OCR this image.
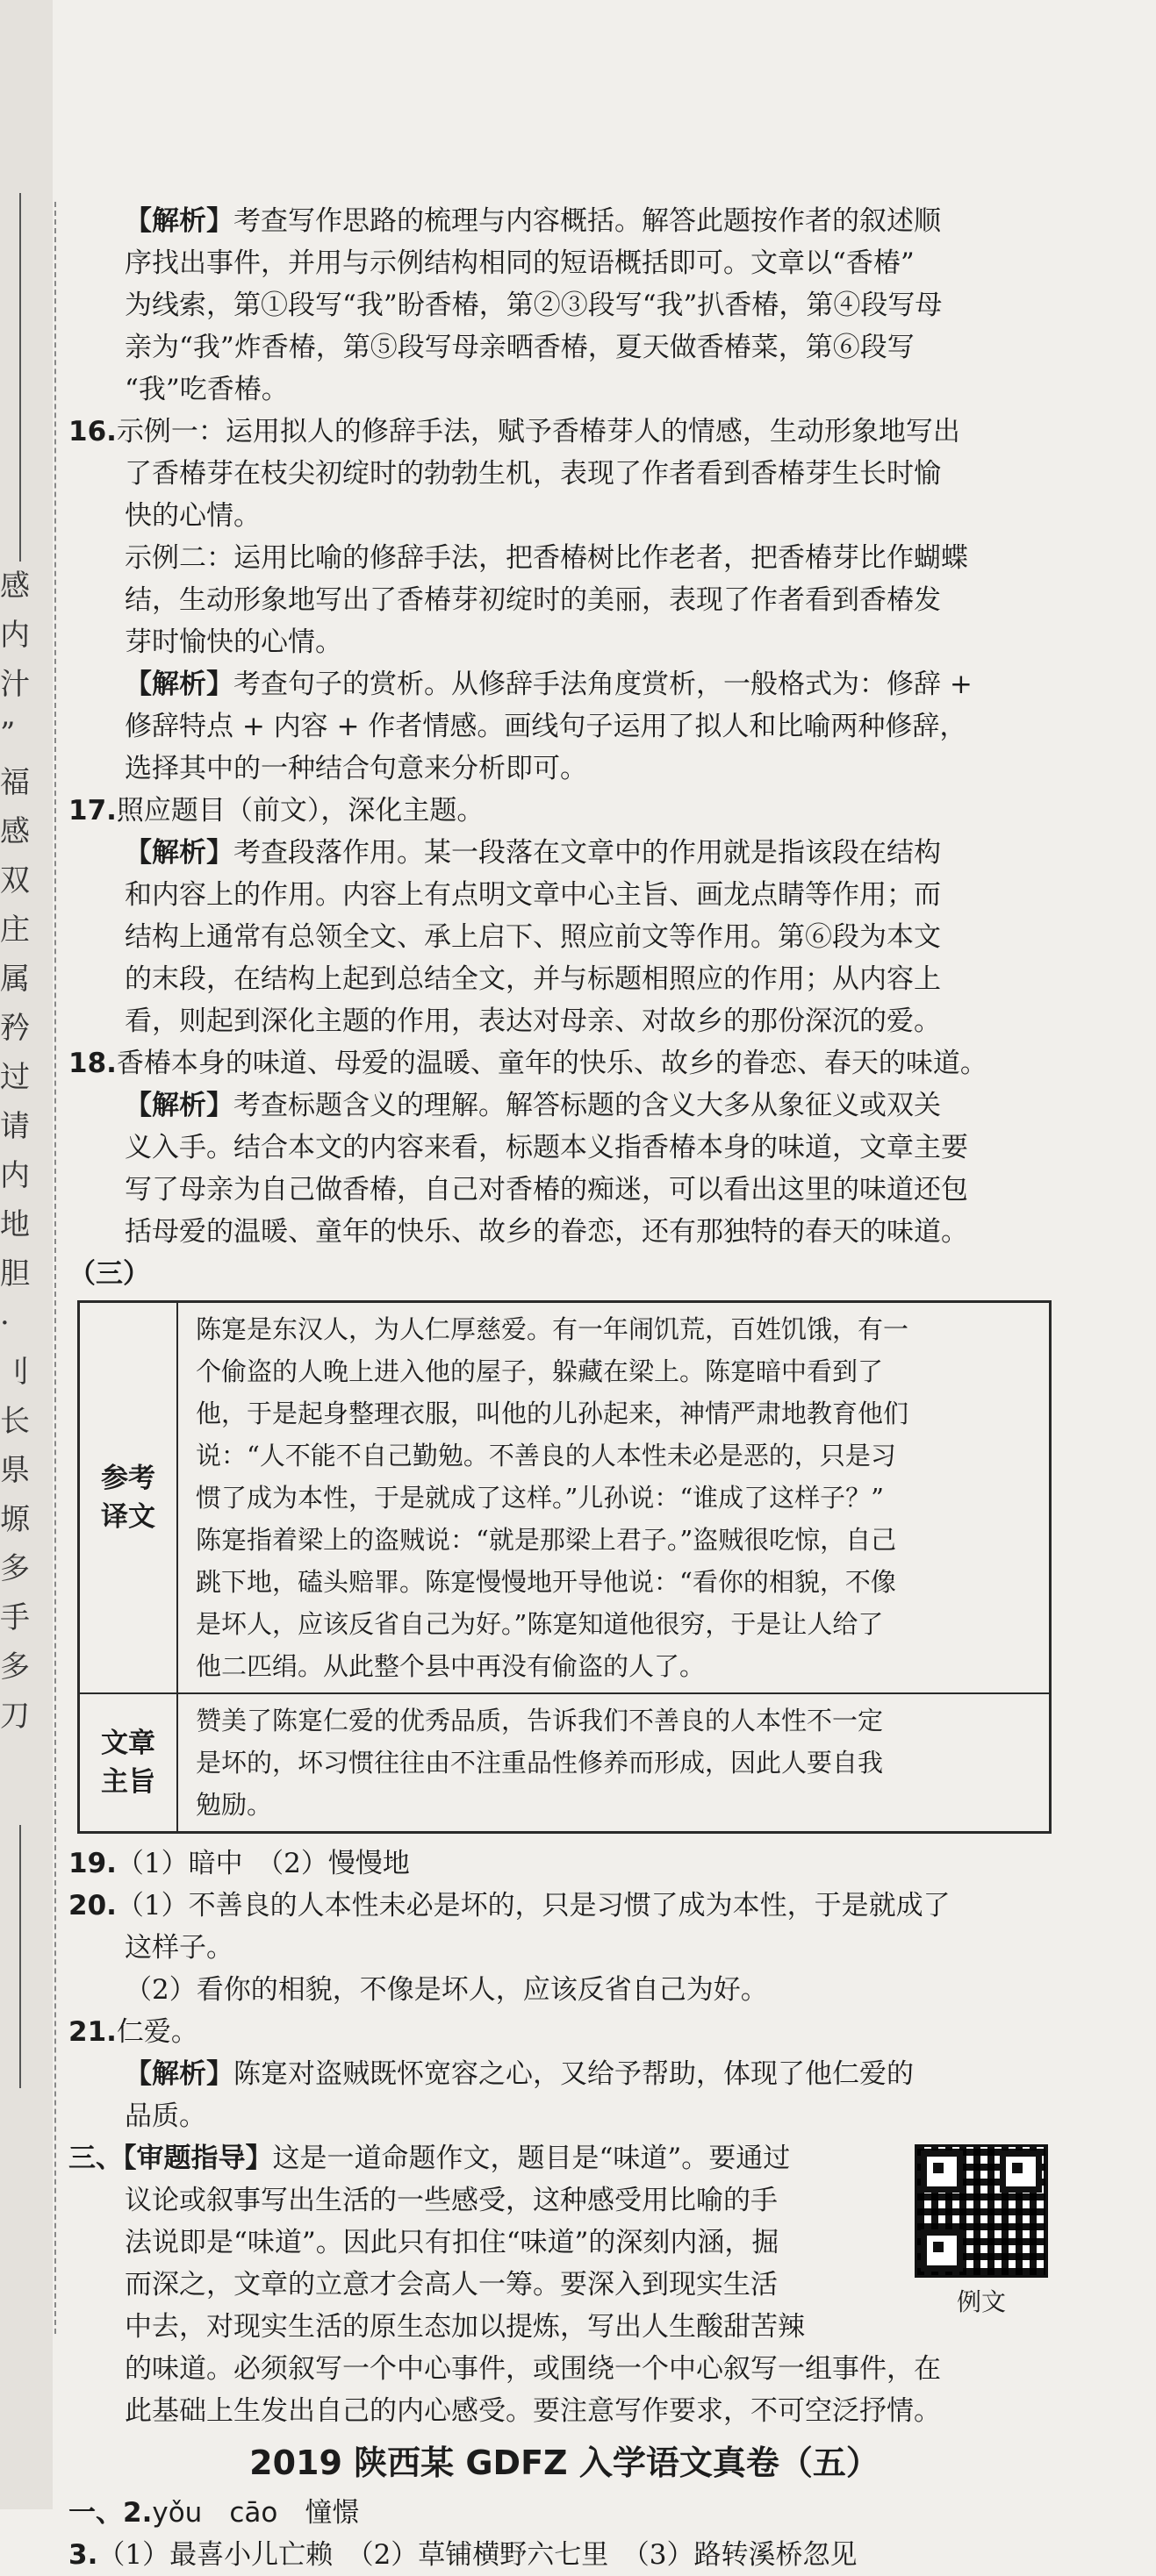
感
内
汁
”
福
感
双
庄
属
矜
过
请
内
地
胆
·
刂
长
県
塬
多
手
多
刀

【 解析 】 考查写作思路的梳理与内容概括。解答此题按作者的叙述顺

序找出事件，并用与示例结构相同的短语概括即可。文章以“香椿”

为线索，第①段写“我”盼香椿，第②③段写“我”扒香椿，第④段写母

亲为“我”炸香椿，第⑤段写母亲晒香椿，夏天做香椿菜，第⑥段写

“我”吃香椿。

16.示例一：运用拟人的修辞手法，赋予香椿芽人的情感，生动形象地写出

了香椿芽在枝尖初绽时的勃勃生机，表现了作者看到香椿芽生长时愉

快的心情。

示例二：运用比喻的修辞手法，把香椿树比作老者，把香椿芽比作蝴蝶

结，生动形象地写出了香椿芽初绽时的美丽，表现了作者看到香椿发

芽时愉快的心情。

【 解析 】 考查句子的赏析。从修辞手法角度赏析，一般格式为：修辞 +

修辞特点 + 内容 + 作者情感。画线句子运用了拟人和比喻两种修辞，

选择其中的一种结合句意来分析即可。

17.照应题目（前文），深化主题。

【 解析 】 考查段落作用。某一段落在文章中的作用就是指该段在结构

和内容上的作用。内容上有点明文章中心主旨、画龙点睛等作用；而

结构上通常有总领全文、承上启下、照应前文等作用。第⑥段为本文

的末段，在结构上起到总结全文，并与标题相照应的作用；从内容上

看，则起到深化主题的作用，表达对母亲、对故乡的那份深沉的爱。

18.香椿本身的味道、母爱的温暖、童年的快乐、故乡的眷恋、春天的味道。

【 解析 】 考查标题含义的理解。解答标题的含义大多从象征义或双关

义入手。结合本文的内容来看，标题本义指香椿本身的味道，文章主要

写了母亲为自己做香椿，自己对香椿的痴迷，可以看出这里的味道还包

括母爱的温暖、童年的快乐、故乡的眷恋，还有那独特的春天的味道。

（三）

参考
译文

陈寔是东汉人，为人仁厚慈爱。有一年闹饥荒，百姓饥饿，有一
个偷盗的人晚上进入他的屋子，躲藏在梁上。陈寔暗中看到了
他，于是起身整理衣服，叫他的儿孙起来，神情严肃地教育他们
说：“人不能不自己勤勉。不善良的人本性未必是恶的，只是习
惯了成为本性，于是就成了这样。”儿孙说：“谁成了这样子？”
陈寔指着梁上的盗贼说：“就是那梁上君子。”盗贼很吃惊，自己
跳下地，磕头赔罪。陈寔慢慢地开导他说：“看你的相貌，不像
是坏人，应该反省自己为好。”陈寔知道他很穷，于是让人给了
他二匹绢。从此整个县中再没有偷盗的人了。

文章
主旨

赞美了陈寔仁爱的优秀品质，告诉我们不善良的人本性不一定
是坏的，坏习惯往往由不注重品性修养而形成，因此人要自我
勉励。

19.（1）暗中　（2）慢慢地

20.（1）不善良的人本性未必是坏的，只是习惯了成为本性，于是就成了

这样子。

（2）看你的相貌，不像是坏人，应该反省自己为好。

21.仁爱。

【 解析 】 陈寔对盗贼既怀宽容之心，又给予帮助，体现了他仁爱的

品质。

例文

三、【 审题指导 】 这是一道命题作文，题目是“味道”。要通过

议论或叙事写出生活的一些感受，这种感受用比喻的手

法说即是“味道”。因此只有扣住“味道”的深刻内涵，掘

而深之，文章的立意才会高人一筹。要深入到现实生活

中去，对现实生活的原生态加以提炼，写出人生酸甜苦辣

的味道。必须叙写一个中心事件，或围绕一个中心叙写一组事件，在

此基础上生发出自己的内心感受。要注意写作要求，不可空泛抒情。

2019 陕西某 GDFZ 入学语文真卷（五）

一、2.yǒu　cāo　憧憬

3.（1）最喜小儿亡赖　（2）草铺横野六七里　（3）路转溪桥忽见
